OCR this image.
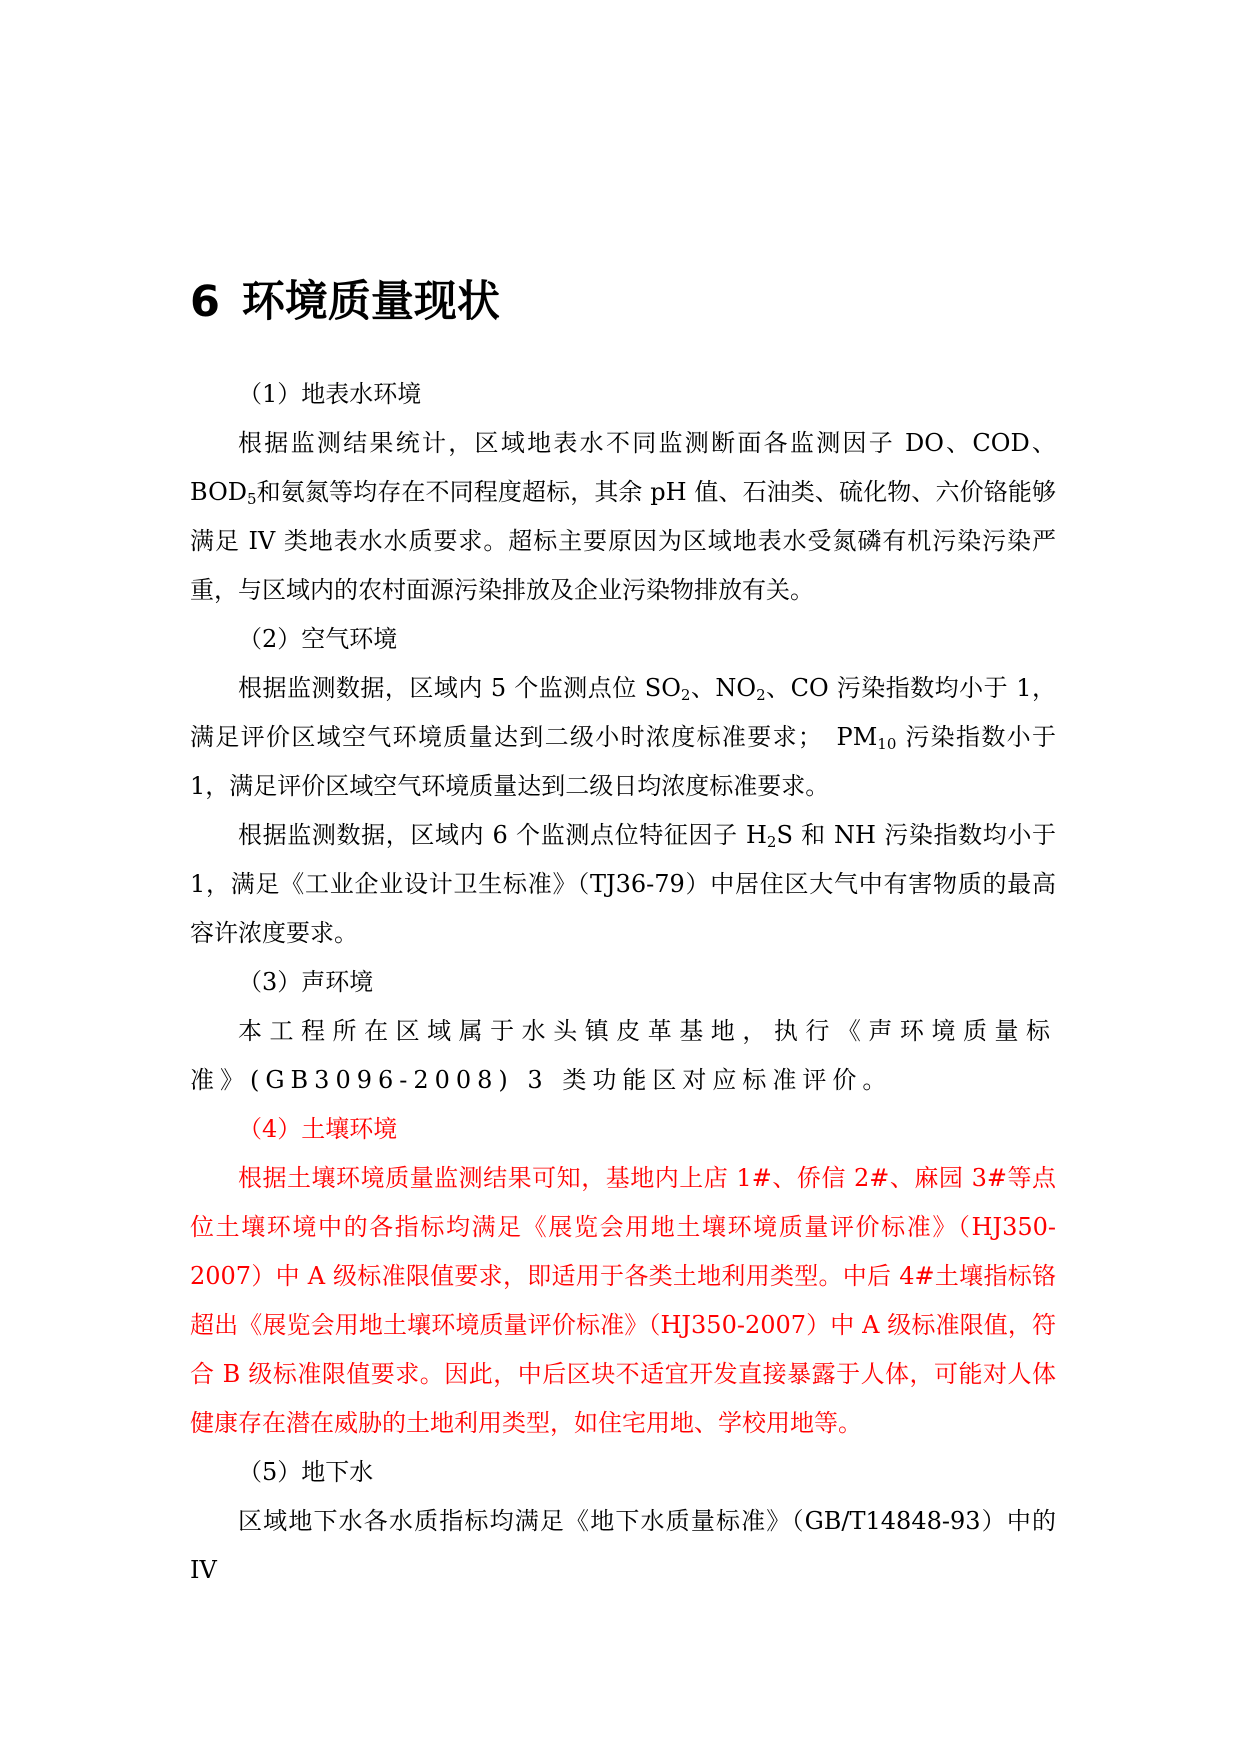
6 环境质量现状

（1）地表水环境

根据监测结果统计，区域地表水不同监测断面各监测因子 DO、COD、$BOD_5$和氨氮等均存在不同程度超标，其余 pH 值、石油类、硫化物、六价铬能够满足 IV 类地表水水质要求。超标主要原因为区域地表水受氮磷有机污染污染严重，与区域内的农村面源污染排放及企业污染物排放有关。

（2）空气环境

根据监测数据，区域内 5 个监测点位 $SO_2$、$NO_2$、CO 污染指数均小于 1，满足评价区域空气环境质量达到二级小时浓度标准要求；　$PM_{10}$ 污染指数小于 1，满足评价区域空气环境质量达到二级日均浓度标准要求。

根据监测数据，区域内 6 个监测点位特征因子 $H_2S$ 和 NH 污染指数均小于 1，满足《工业企业设计卫生标准》（TJ36-79）中居住区大气中有害物质的最高容许浓度要求。

（3）声环境

本工程所在区域属于水头镇皮革基地，执行《声环境质量标准》(GB3096-2008) 3 类功能区对应标准评价。

（4）土壤环境

根据土壤环境质量监测结果可知，基地内上店 1#、侨信 2#、麻园 3#等点位土壤环境中的各指标均满足《展览会用地土壤环境质量评价标准》（HJ350-2007）中 A 级标准限值要求，即适用于各类土地利用类型。中后 4#土壤指标铬超出《展览会用地土壤环境质量评价标准》（HJ350-2007）中 A 级标准限值，符合 B 级标准限值要求。因此，中后区块不适宜开发直接暴露于人体，可能对人体健康存在潜在威胁的土地利用类型，如住宅用地、学校用地等。

（5）地下水

区域地下水各水质指标均满足《地下水质量标准》（GB/T14848-93）中的 IV
